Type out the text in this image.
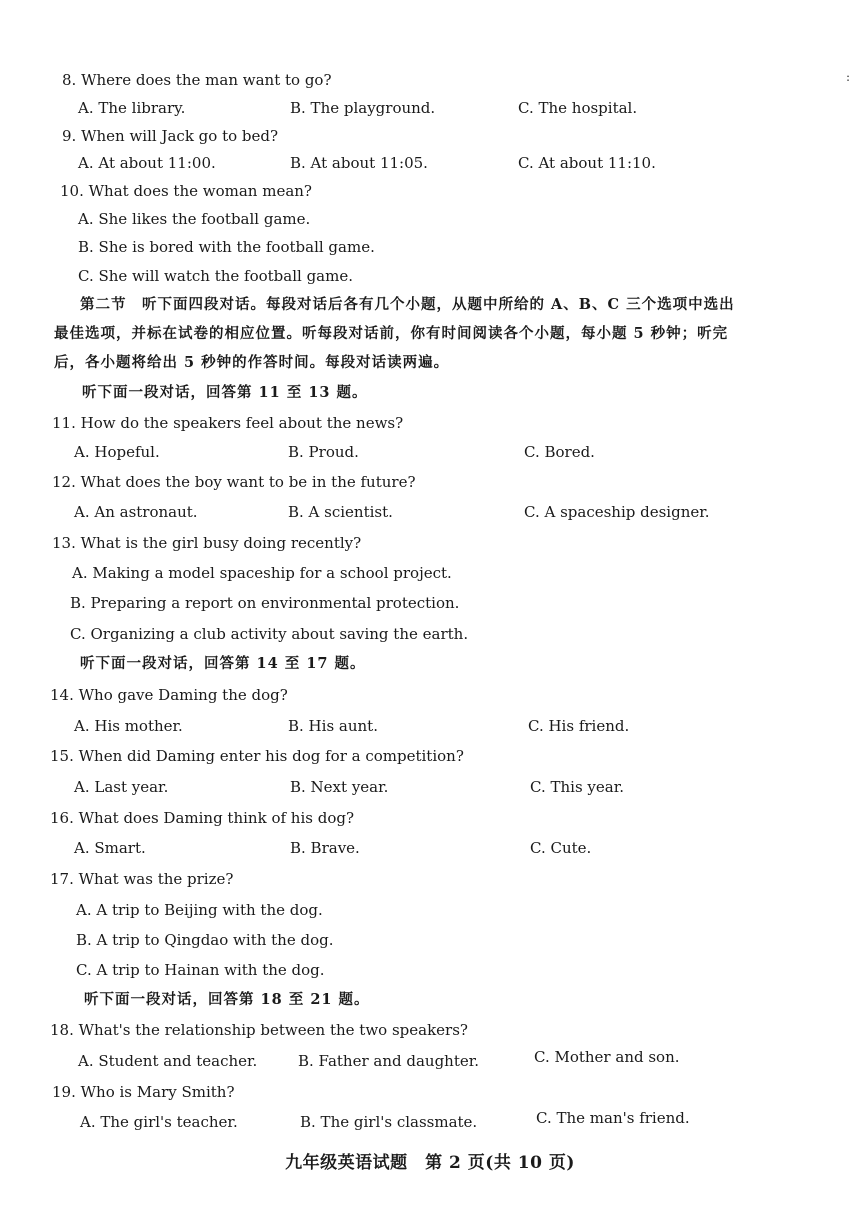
8. Where does the man want to go?
A. The library.	B. The playground.	C. The hospital.
9. When will Jack go to bed?
A. At about 11:00.	B. At about 11:05.	C. At about 11:10.
10. What does the woman mean?
A. She likes the football game.
B. She is bored with the football game.
C. She will watch the football game.
第二节　听下面四段对话。每段对话后各有几个小题，从题中所给的 A、B、C 三个选项中选出
最佳选项，并标在试卷的相应位置。听每段对话前，你有时间阅读各个小题，每小题 5 秒钟；听完
后，各小题将给出 5 秒钟的作答时间。每段对话读两遍。
听下面一段对话，回答第 11 至 13 题。
11. How do the speakers feel about the news?
A. Hopeful.	B. Proud.	C. Bored.
12. What does the boy want to be in the future?
A. An astronaut.	B. A scientist.	C. A spaceship designer.
13. What is the girl busy doing recently?
A. Making a model spaceship for a school project.
B. Preparing a report on environmental protection.
C. Organizing a club activity about saving the earth.
听下面一段对话，回答第 14 至 17 题。
14. Who gave Daming the dog?
A. His mother.	B. His aunt.	C. His friend.
15. When did Daming enter his dog for a competition?
A. Last year.	B. Next year.	C. This year.
16. What does Daming think of his dog?
A. Smart.	B. Brave.	C. Cute.
17. What was the prize?
A. A trip to Beijing with the dog.
B. A trip to Qingdao with the dog.
C. A trip to Hainan with the dog.
听下面一段对话，回答第 18 至 21 题。
18. What's the relationship between the two speakers?
A. Student and teacher.	B. Father and daughter.	C. Mother and son.
19. Who is Mary Smith?
A. The girl's teacher.	B. The girl's classmate.	C. The man's friend.
九年级英语试题　第 2 页(共 10 页)
:
